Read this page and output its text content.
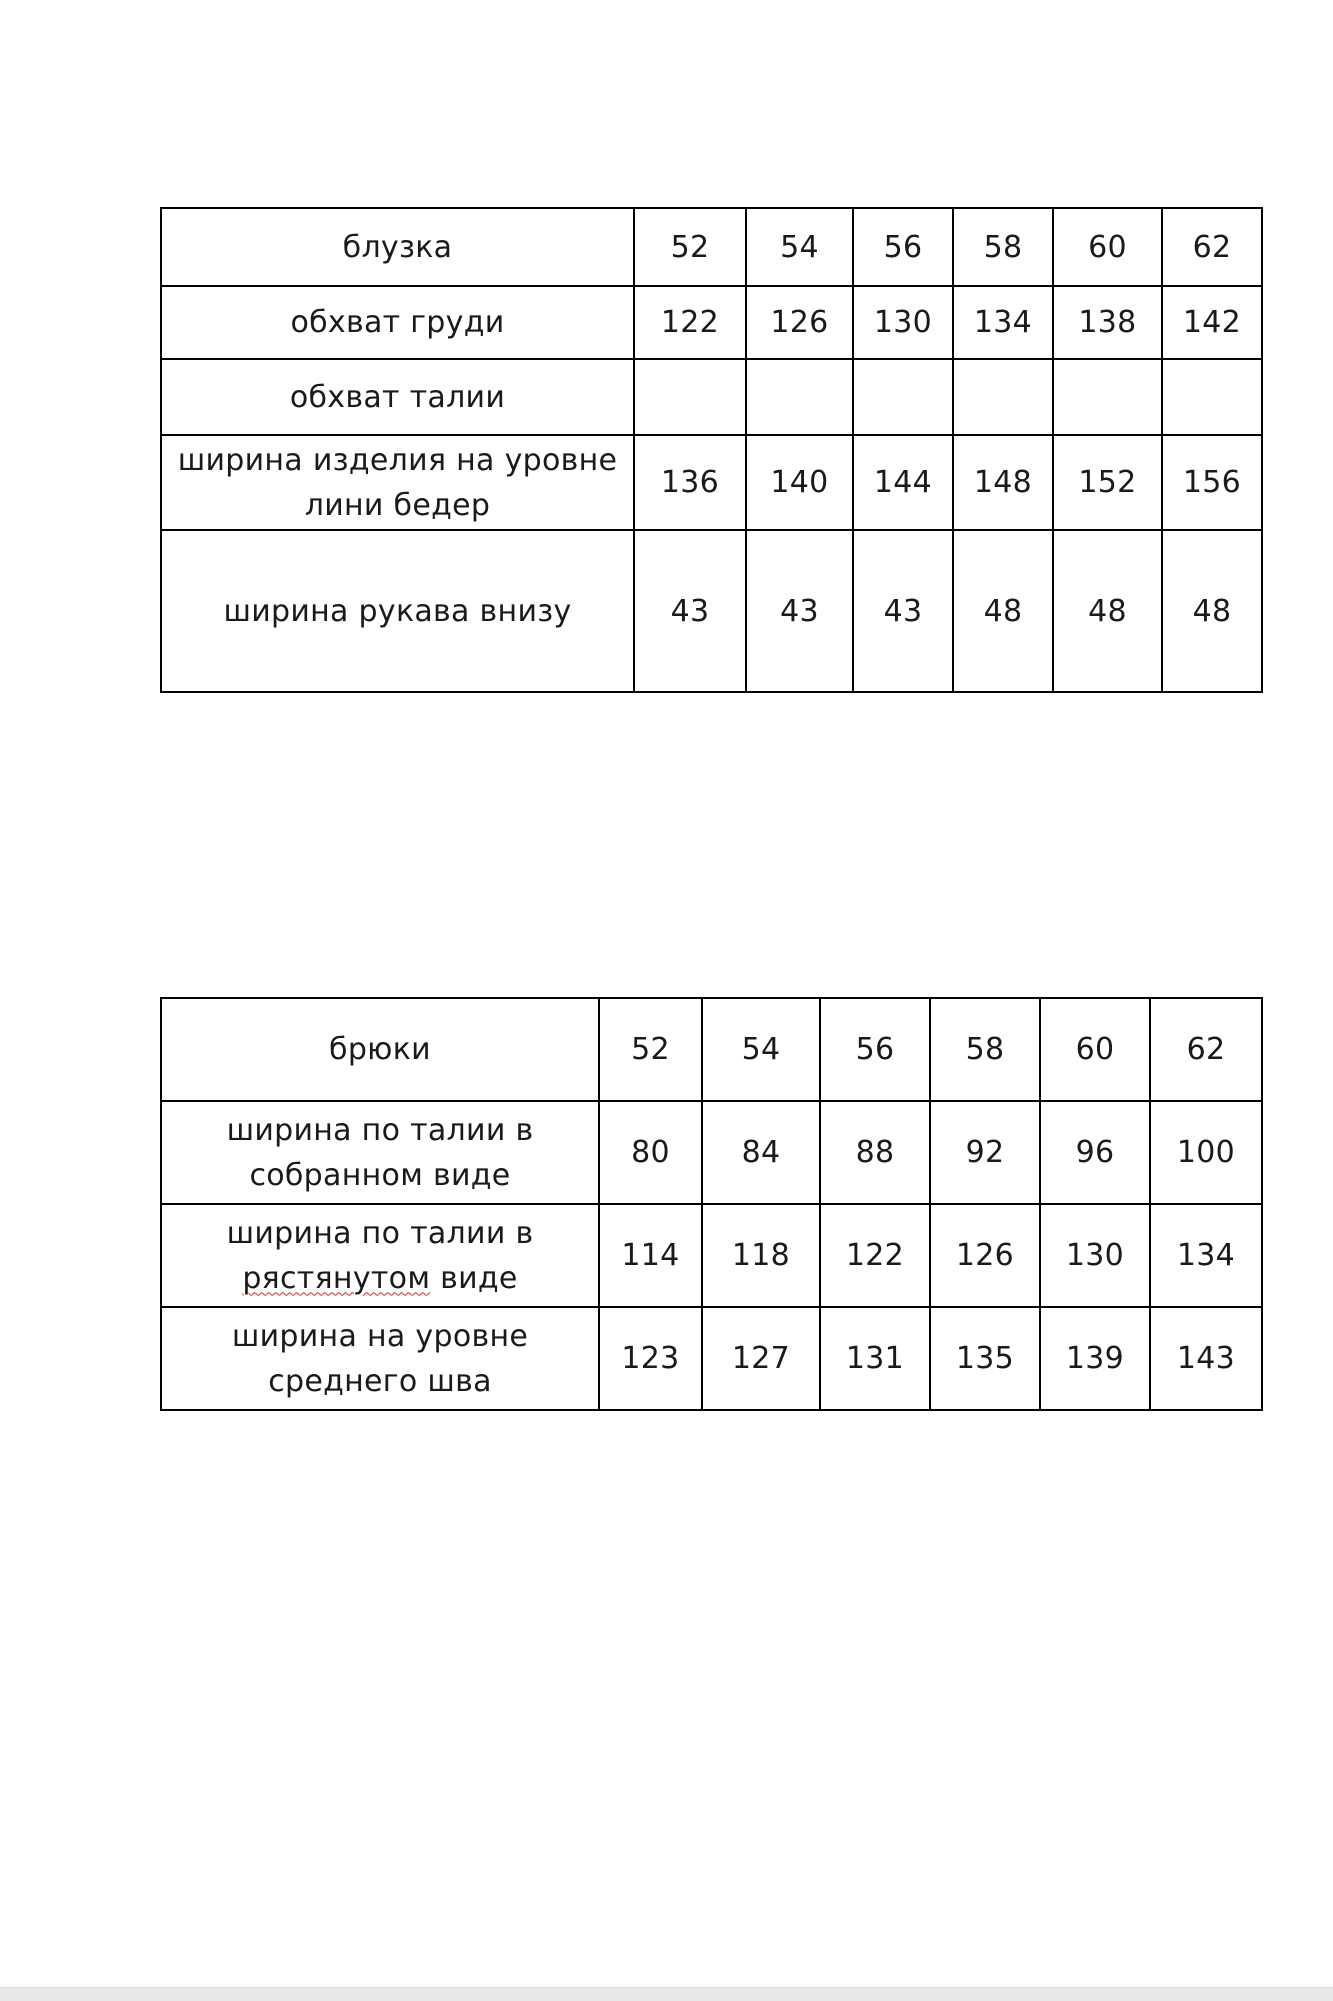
блузка	52	54	56	58	60	62
обхват груди	122	126	130	134	138	142
обхват талии						

ширина изделия на уровне
лини бедер	136	140	144	148	152	156
ширина рукава внизу	43	43	43	48	48	48
брюки	52	54	56	58	60	62

ширина по талии в
собранном виде	80	84	88	92	96	100

ширина по талии в
рястянутом виде	114	118	122	126	130	134

ширина на уровне
среднего шва	123	127	131	135	139	143
